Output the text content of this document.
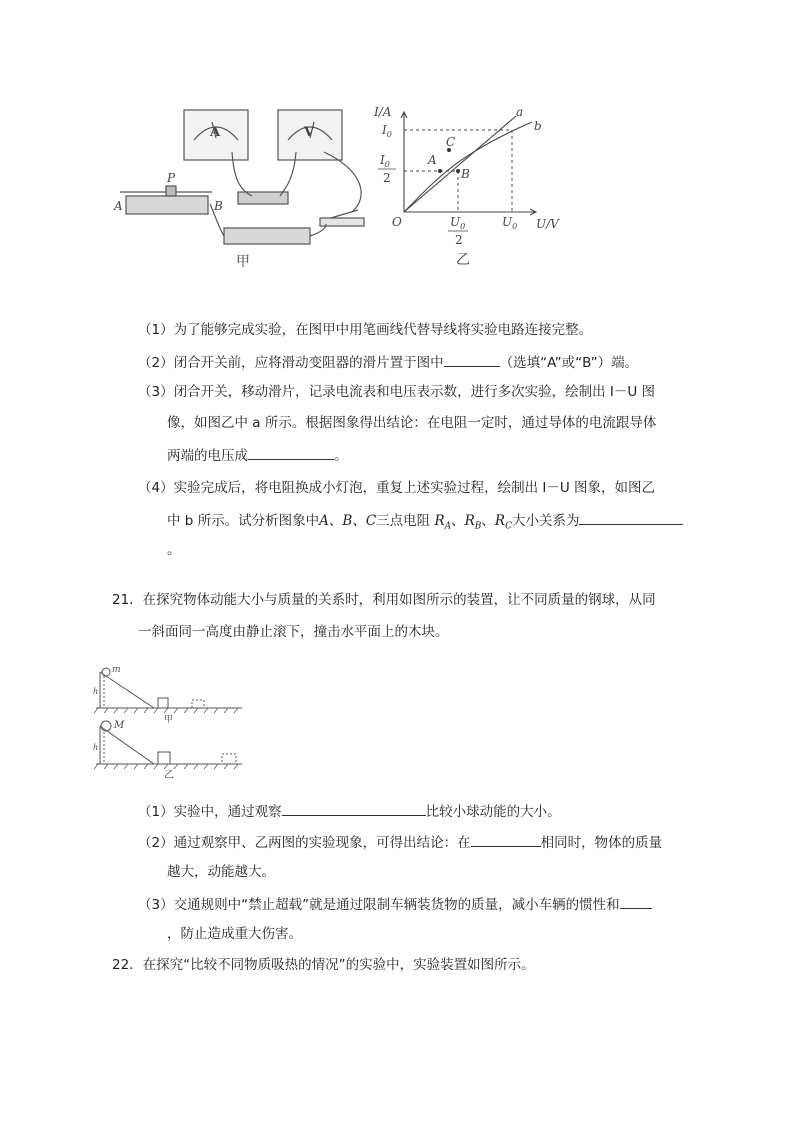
A	V
P
A	B
甲
I/A
U/V
O
$I_0$
$I_0$
2
$U_0$
2
$U_0$
a
b
A
B
C
乙
（1）为了能够完成实验，在图甲中用笔画线代替导线将实验电路连接完整。
（2）闭合开关前，应将滑动变阻器的滑片置于图中	（选填“A”或“B”）端。
（3）闭合开关，移动滑片，记录电流表和电压表示数，进行多次实验，绘制出 I－U 图
像，如图乙中 a 所示。根据图象得出结论：在电阻一定时，通过导体的电流跟导体
两端的电压成	。
（4）实验完成后，将电阻换成小灯泡，重复上述实验过程，绘制出 I－U 图象，如图乙
中 b 所示。试分析图象中A、B、C三点电阻 $R_A$、$R_B$、$R_C$大小关系为
。
21．在探究物体动能大小与质量的关系时，利用如图所示的装置，让不同质量的钢球，从同
一斜面同一高度由静止滚下，撞击水平面上的木块。
m
h
甲
M
h
乙
（1）实验中，通过观察	比较小球动能的大小。
（2）通过观察甲、乙两图的实验现象，可得出结论：在	相同时，物体的质量
越大，动能越大。
（3）交通规则中“禁止超载”就是通过限制车辆装货物的质量，减小车辆的惯性和
，防止造成重大伤害。
22．在探究“比较不同物质吸热的情况”的实验中，实验装置如图所示。
